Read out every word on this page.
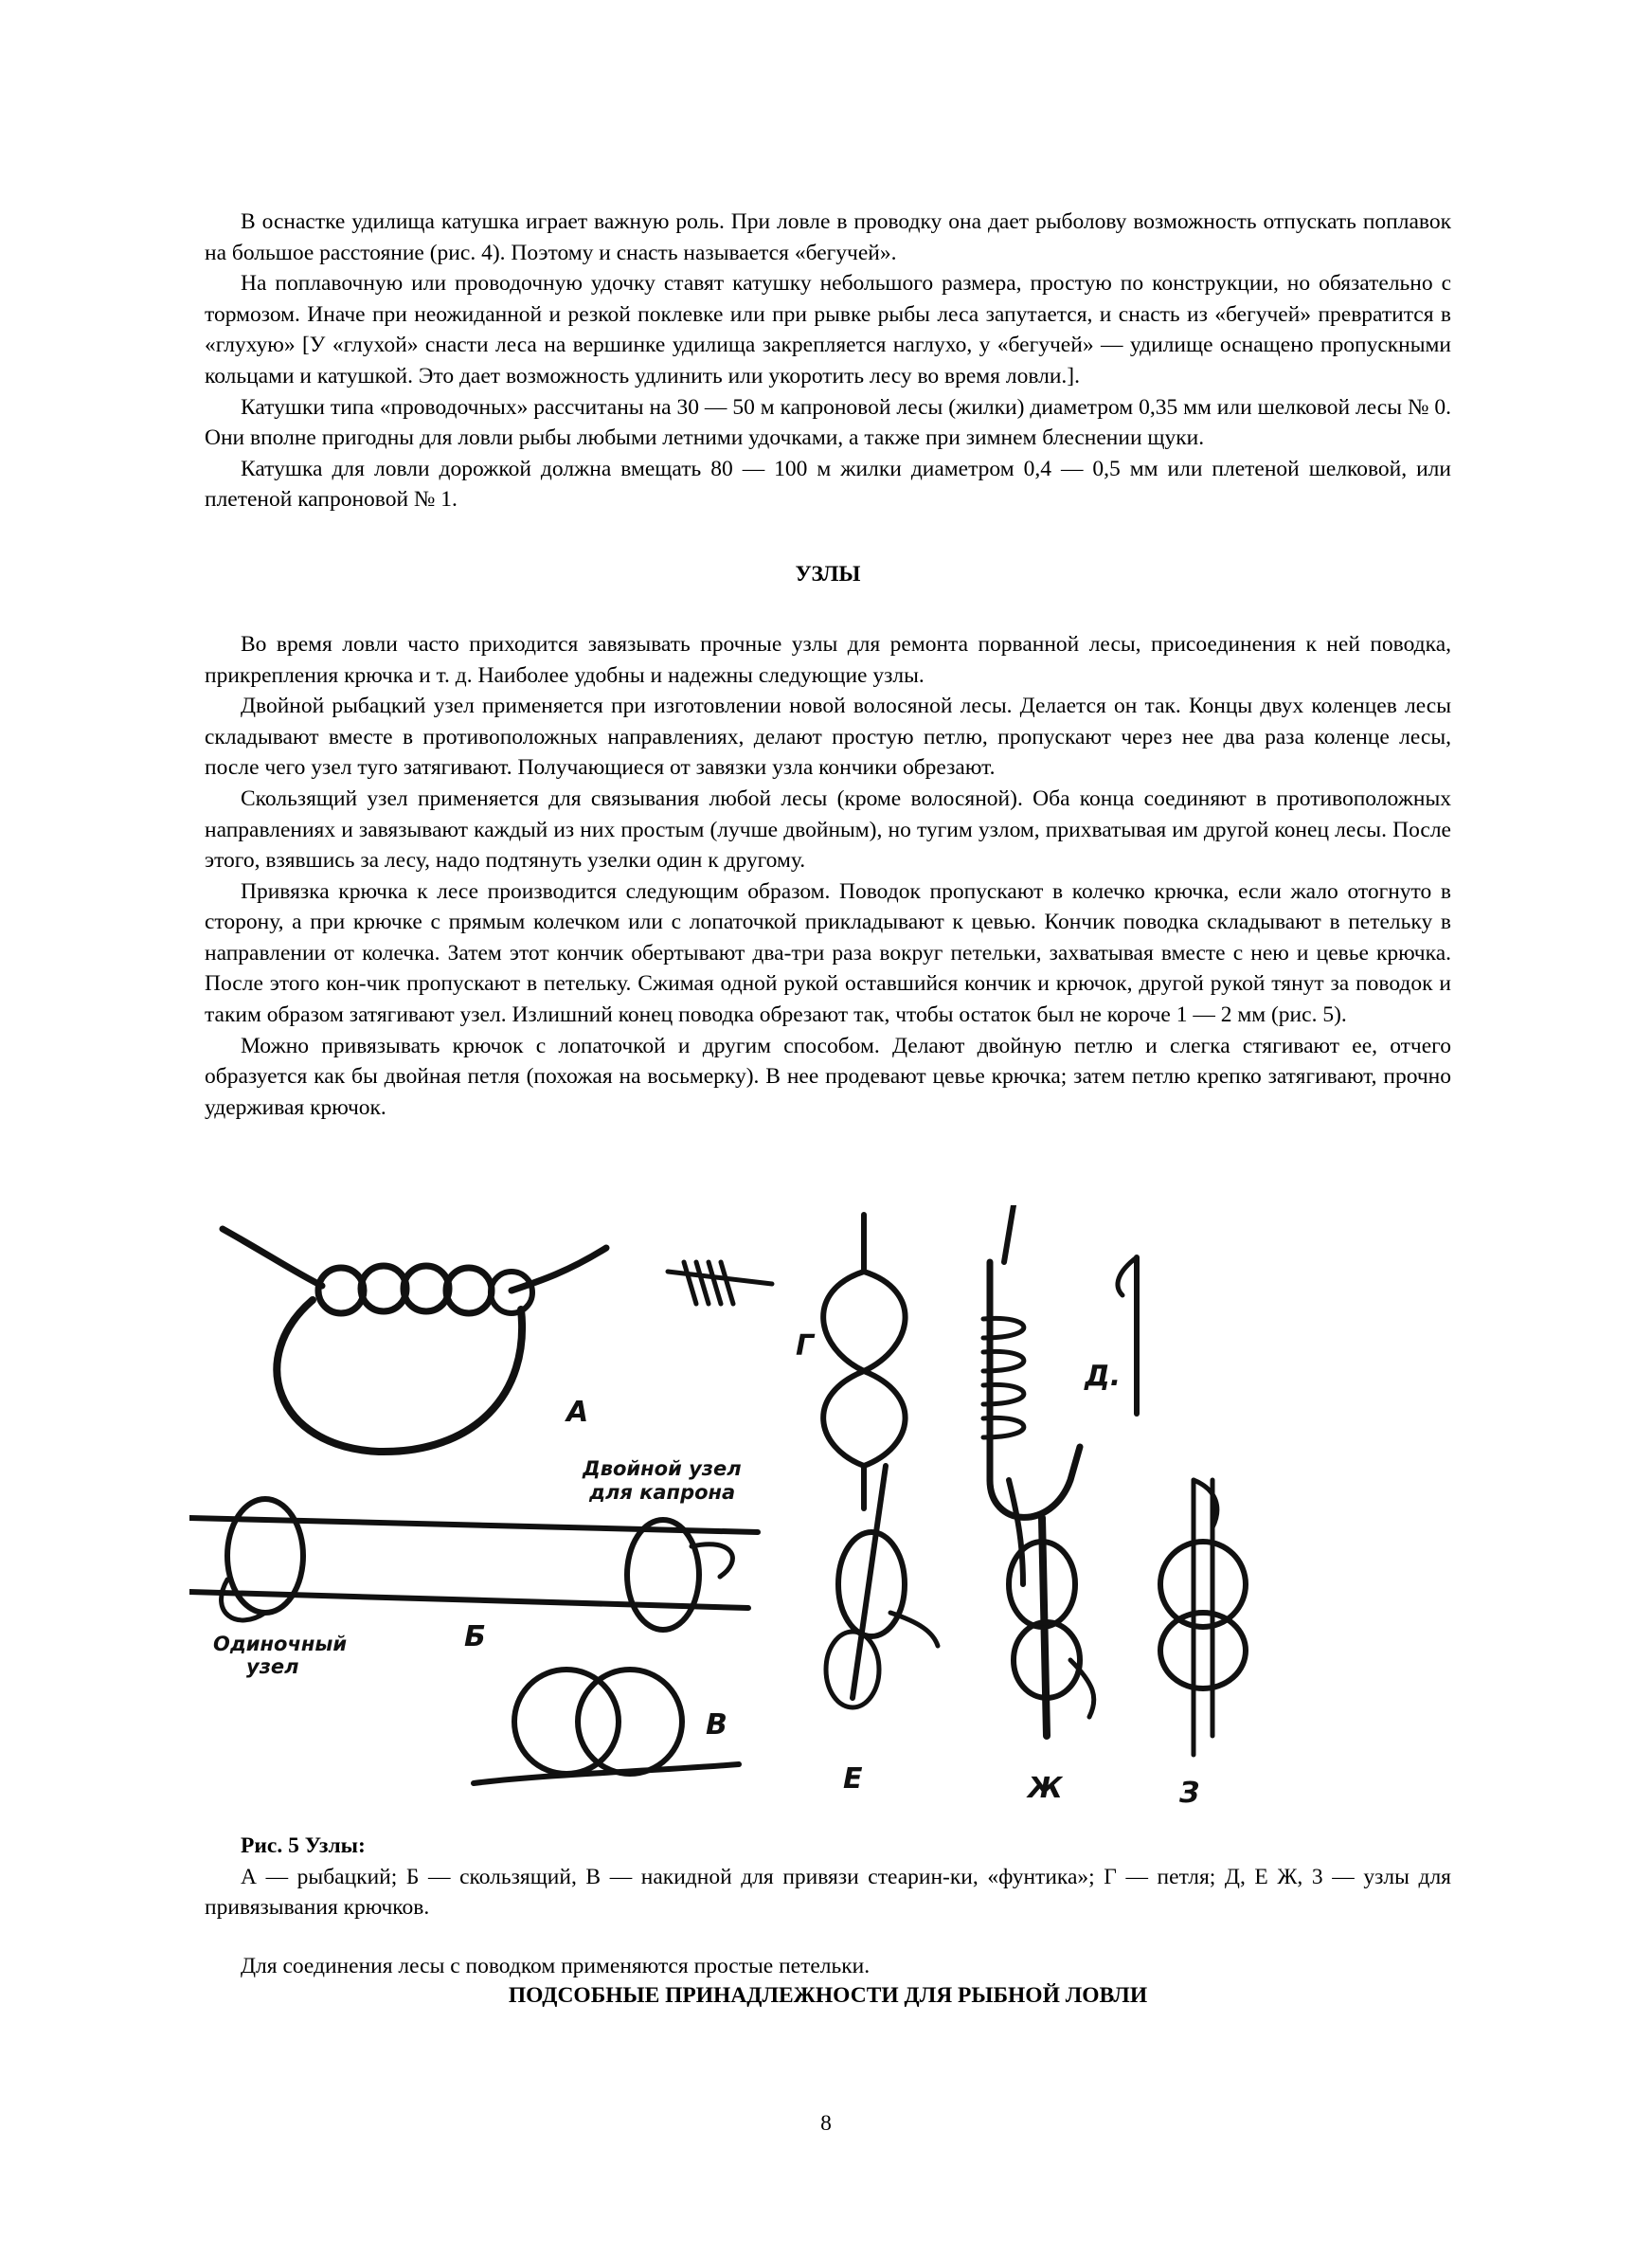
В оснастке удилища катушка играет важную роль. При ловле в проводку она дает рыболову возможность отпускать поплавок на большое расстояние (рис. 4). Поэтому и снасть называется «бегучей».

На поплавочную или проводочную удочку ставят катушку небольшого размера, простую по конструкции, но обязательно с тормозом. Иначе при неожиданной и резкой поклевке или при рывке рыбы леса запутается, и снасть из «бегучей» превратится в «глухую» [У «глухой» снасти леса на вершинке удилища закрепляется наглухо, у «бегучей» — удилище оснащено пропускными кольцами и катушкой. Это дает возможность удлинить или укоротить лесу во время ловли.].

Катушки типа «проводочных» рассчитаны на 30 — 50 м капроновой лесы (жилки) диаметром 0,35 мм или шелковой лесы № 0. Они вполне пригодны для ловли рыбы любыми летними удочками, а также при зимнем блеснении щуки.

Катушка для ловли дорожкой должна вмещать 80 — 100 м жилки диаметром 0,4 — 0,5 мм или плетеной шелковой, или плетеной капроновой № 1.

УЗЛЫ

Во время ловли часто приходится завязывать прочные узлы для ремонта порванной лесы, присоединения к ней поводка, прикрепления крючка и т. д. Наиболее удобны и надежны следующие узлы.

Двойной рыбацкий узел применяется при изготовлении новой волосяной лесы. Делается он так. Концы двух коленцев лесы складывают вместе в противоположных направлениях, делают простую петлю, пропускают через нее два раза коленце лесы, после чего узел туго затягивают. Получающиеся от завязки узла кончики обрезают.

Скользящий узел применяется для связывания любой лесы (кроме волосяной). Оба конца соединяют в противоположных направлениях и завязывают каждый из них простым (лучше двойным), но тугим узлом, прихватывая им другой конец лесы. После этого, взявшись за лесу, надо подтянуть узелки один к другому.

Привязка крючка к лесе производится следующим образом. Поводок пропускают в колечко крючка, если жало отогнуто в сторону, а при крючке с прямым колечком или с лопаточкой прикладывают к цевью. Кончик поводка складывают в петельку в направлении от колечка. Затем этот кончик обертывают два-три раза вокруг петельки, захватывая вместе с нею и цевье крючка. После этого кон-чик пропускают в петельку. Сжимая одной рукой оставшийся кончик и крючок, другой рукой тянут за поводок и таким образом затягивают узел. Излишний конец поводка обрезают так, чтобы остаток был не короче 1 — 2 мм (рис. 5).

Можно привязывать крючок с лопаточкой и другим способом. Делают двойную петлю и слегка стягивают ее, отчего образуется как бы двойная петля (похожая на восьмерку). В нее продевают цевье крючка; затем петлю крепко затягивают, прочно удерживая крючок.

А
Г
Д.
Б
Двойной узел
для капрона
Одиночный
узел
В
Е	Ж	З

Рис. 5 Узлы:

А — рыбацкий; Б — скользящий, В — накидной для привязи стеарин-ки, «фунтика»; Г — петля; Д, Е Ж, 3 — узлы для привязывания крючков.

Для соединения лесы с поводком применяются простые петельки.

ПОДСОБНЫЕ ПРИНАДЛЕЖНОСТИ ДЛЯ РЫБНОЙ ЛОВЛИ
8
